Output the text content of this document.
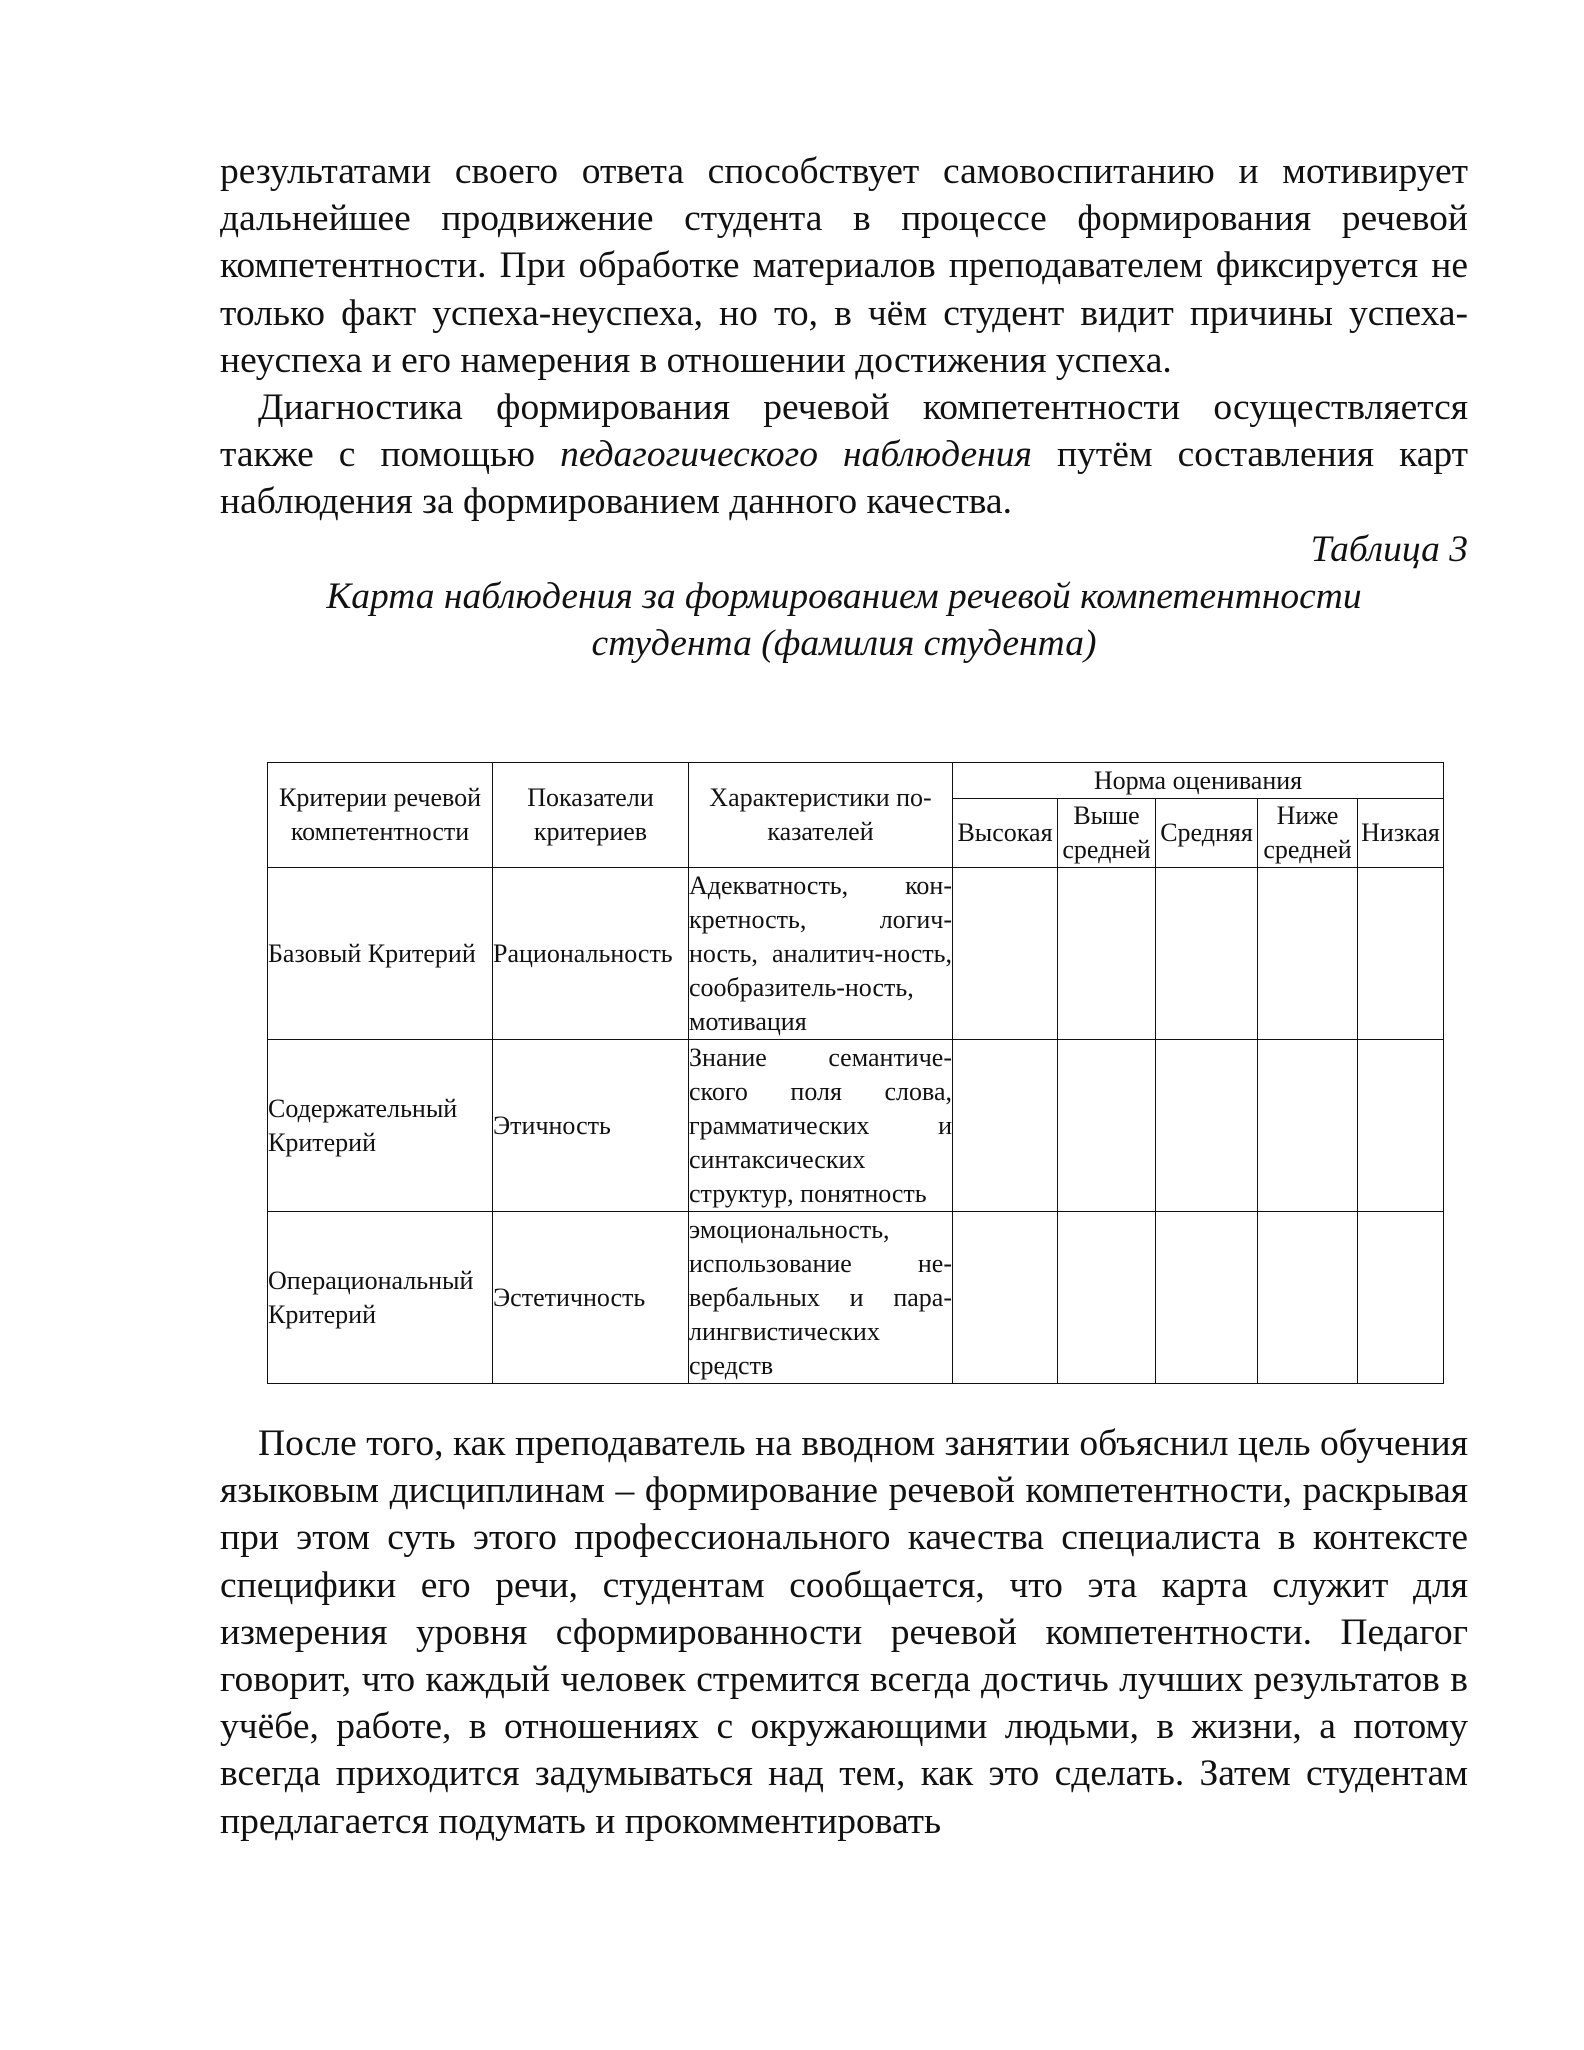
результатами своего ответа способствует самовоспитанию и мотивирует дальнейшее продвижение студента в процессе формирования речевой компетентности. При обработке материалов преподавателем фиксируется не только факт успеха-неуспеха, но то, в чём студент видит причины успеха-неуспеха и его намерения в отношении достижения успеха.

Диагностика формирования речевой компетентности осуществляется также с помощью педагогического наблюдения путём составления карт наблюдения за формированием данного качества.

Таблица 3

Карта наблюдения за формированием речевой компетентности

студента (фамилия студента)

Критерии речевой компетентности	Показатели критериев	Характеристики по-казателей	Норма оценивания				
			Высокая	Выше средней	Средняя	Ниже средней	Низкая
Базовый Критерий	Рациональность	Адекватность, кон-кретность, логич-ность, аналитич-ность, сообразитель-ность, мотивация					
Содержательный Критерий	Этичность	Знание семантиче-ского поля слова, грамматических и синтаксических структур, понятность					
Операциональный Критерий	Эстетичность	эмоциональность, использование не-вербальных и пара-лингвистических средств					

После того, как преподаватель на вводном занятии объяснил цель обучения языковым дисциплинам – формирование речевой компетентности, раскрывая при этом суть этого профессионального качества специалиста в контексте специфики его речи, студентам сообщается, что эта карта служит для измерения уровня сформированности речевой компетентности. Педагог говорит, что каждый человек стремится всегда достичь лучших результатов в учёбе, работе, в отношениях с окружающими людьми, в жизни, а потому всегда приходится задумываться над тем, как это сделать. Затем студентам предлагается подумать и прокомментировать
